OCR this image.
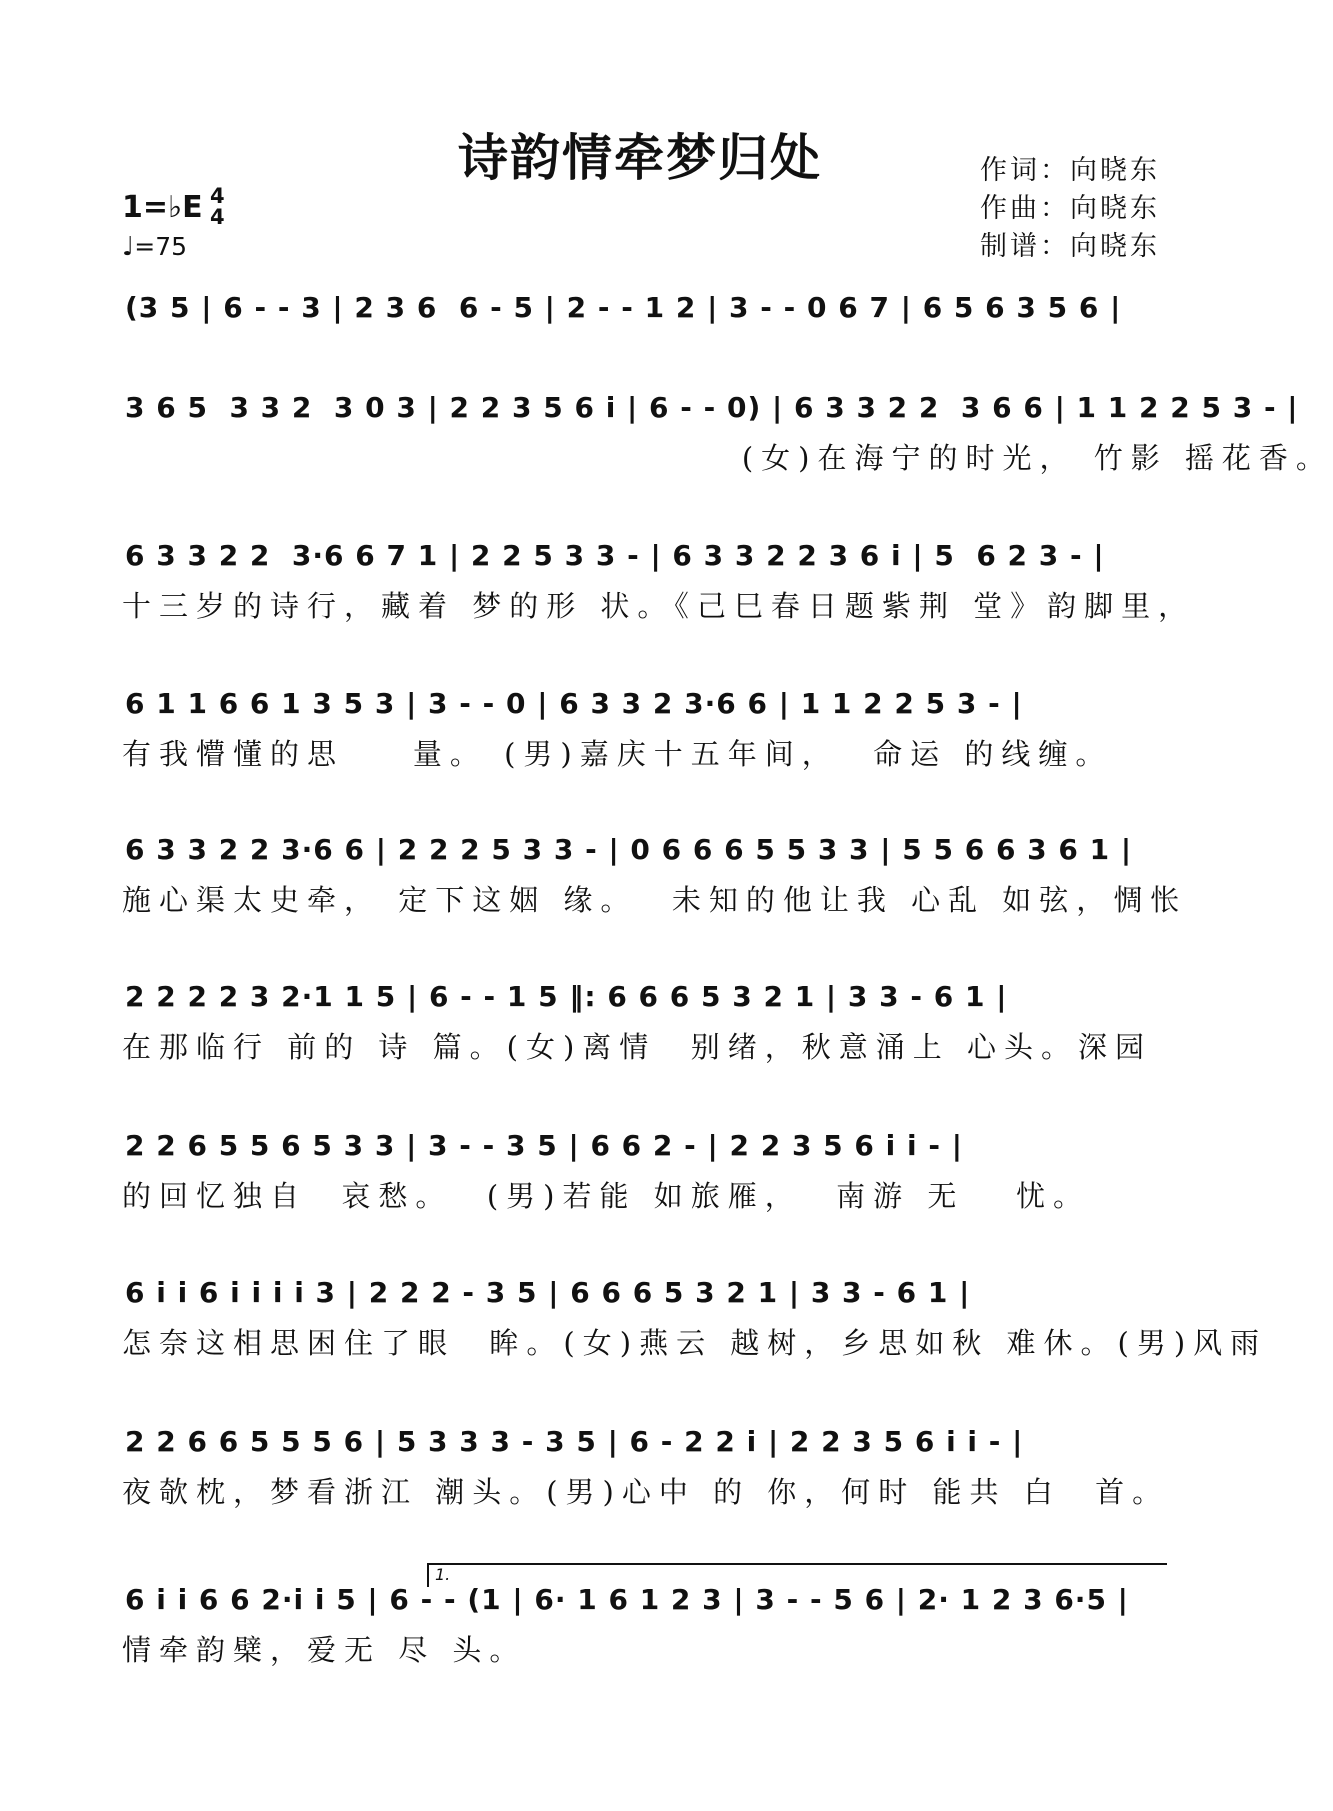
诗韵情牵梦归处	作词：向晓东
作曲：向晓东
制谱：向晓东
1=♭E 4
4
♩=75
(3 5 | 6 - - 3 | 2 3 6  6 - 5 | 2 - - 1 2 | 3 - - 0 6 7 | 6 5 6 3 5 6 |
3 6 5  3 3 2  3 0 3 | 2 2 3 5 6 i | 6 - - 0) | 6 3 3 2 2  3 6 6 | 1 1 2 2 5 3 - |
(女)在海宁的时光， 竹影 摇花香。
6 3 3 2 2  3·6 6 7 1 | 2 2 5 3 3 - | 6 3 3 2 2 3 6 i | 5  6 2 3 - |
十三岁的诗行，藏着 梦的形 状。《己巳春日题紫荆 堂》韵脚里，
6 1 1 6 6 1 3 5 3 | 3 - - 0 | 6 3 3 2 3·6 6 | 1 1 2 2 5 3 - |
有我懵懂的思    量。 (男)嘉庆十五年间，  命运 的线缠。
6 3 3 2 2 3·6 6 | 2 2 2 5 3 3 - | 0 6 6 6 5 5 3 3 | 5 5 6 6 3 6 1 |
施心渠太史牵， 定下这姻 缘。  未知的他让我 心乱 如弦，惆怅
2 2 2 2 3 2·1 1 5 | 6 - - 1 5 ‖: 6 6 6 5 3 2 1 | 3 3 - 6 1 |
在那临行 前的 诗 篇。(女)离情  别绪，秋意涌上 心头。深园
2 2 6 5 5 6 5 3 3 | 3 - - 3 5 | 6 6 2 - | 2 2 3 5 6 i i - |
的回忆独自  哀愁。  (男)若能 如旅雁，  南游 无   忧。
6 i i 6 i i i i 3 | 2 2 2 - 3 5 | 6 6 6 5 3 2 1 | 3 3 - 6 1 |
怎奈这相思困住了眼  眸。(女)燕云 越树，乡思如秋 难休。(男)风雨
2 2 6 6 5 5 5 6 | 5 3 3 3 - 3 5 | 6 - 2 2 i | 2 2 3 5 6 i i - |
夜欹枕，梦看浙江 潮头。(男)心中 的 你，何时 能共 白  首。
1.
6 i i 6 6 2·i i 5 | 6 - - (1 | 6· 1 6 1 2 3 | 3 - - 5 6 | 2· 1 2 3 6·5 |
情牵韵檗，爱无 尽 头。
